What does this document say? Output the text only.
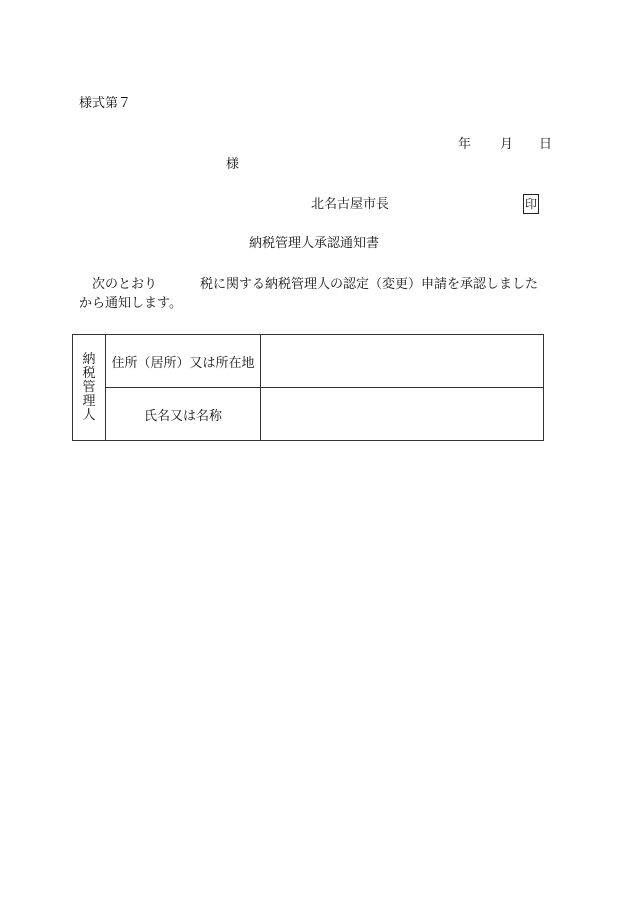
様式第７
年 月 日
様
北名古屋市長	印
納税管理人承認通知書
次のとおり	税に関する納税管理人の認定（変更）申請を承認しました
から通知します。
納税管理人	住所（居所）又は所在地	
	氏名又は名称	
